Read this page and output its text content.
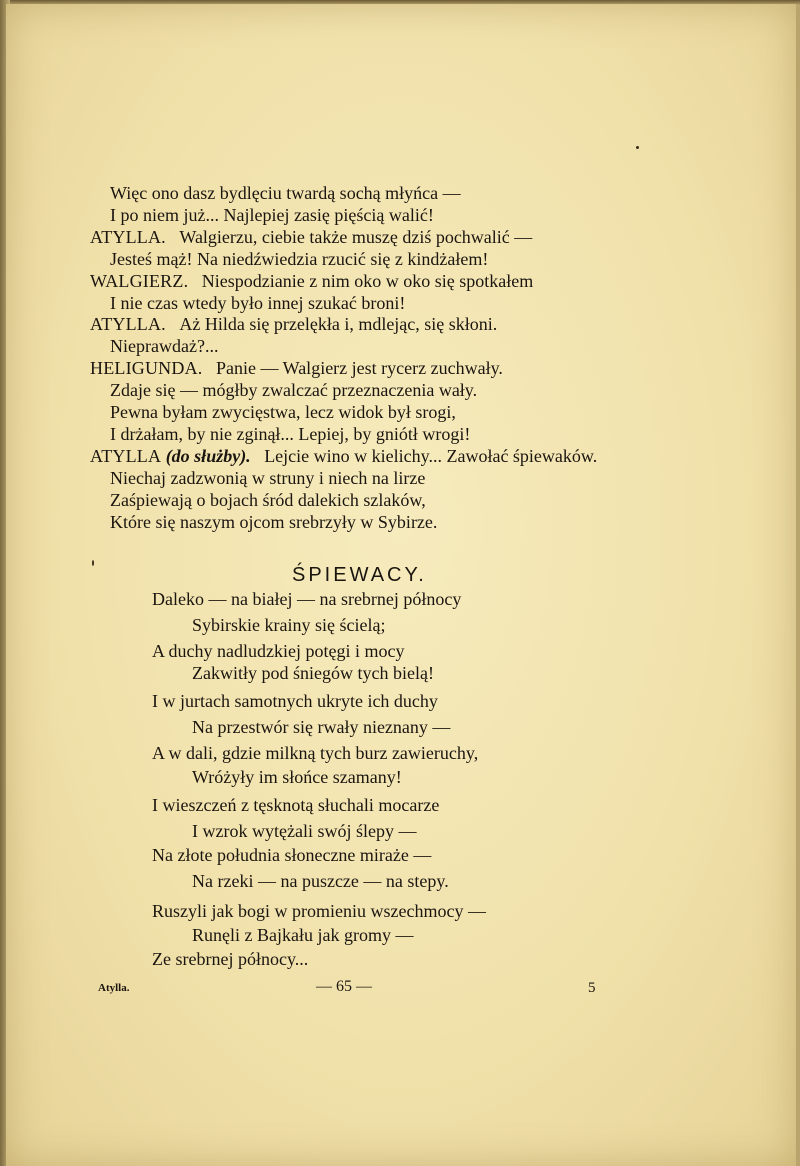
Więc ono dasz bydlęciu twardą sochą młyńca —
I po niem już... Najlepiej zasię pięścią walić!
ATYLLA.   Walgierzu, ciebie także muszę dziś pochwalić —
Jesteś mąż! Na niedźwiedzia rzucić się z kindżałem!
WALGIERZ.   Niespodzianie z nim oko w oko się spotkałem
I nie czas wtedy było innej szukać broni!
ATYLLA.   Aż Hilda się przelękła i, mdlejąc, się skłoni.
Nieprawdaż?...
HELIGUNDA.   Panie — Walgierz jest rycerz zuchwały.
Zdaje się — mógłby zwalczać przeznaczenia wały.
Pewna byłam zwycięstwa, lecz widok był srogi,
I drżałam, by nie zginął... Lepiej, by gniótł wrogi!
ATYLLA (do służby).   Lejcie wino w kielichy... Zawołać śpiewaków.
Niechaj zadzwonią w struny i niech na lirze
Zaśpiewają o bojach śród dalekich szlaków,
Które się naszym ojcom srebrzyły w Sybirze.
ŚPIEWACY.
Daleko — na białej — na srebrnej północy
Sybirskie krainy się ścielą;
A duchy nadludzkiej potęgi i mocy
Zakwitły pod śniegów tych bielą!
I w jurtach samotnych ukryte ich duchy
Na przestwór się rwały nieznany —
A w dali, gdzie milkną tych burz zawieruchy,
Wróżyły im słońce szamany!
I wieszczeń z tęsknotą słuchali mocarze
I wzrok wytężali swój ślepy —
Na złote południa słoneczne miraże —
Na rzeki — na puszcze — na stepy.
Ruszyli jak bogi w promieniu wszechmocy —
Runęli z Bajkału jak gromy —
Ze srebrnej północy...
Atylla.	— 65 —	5
